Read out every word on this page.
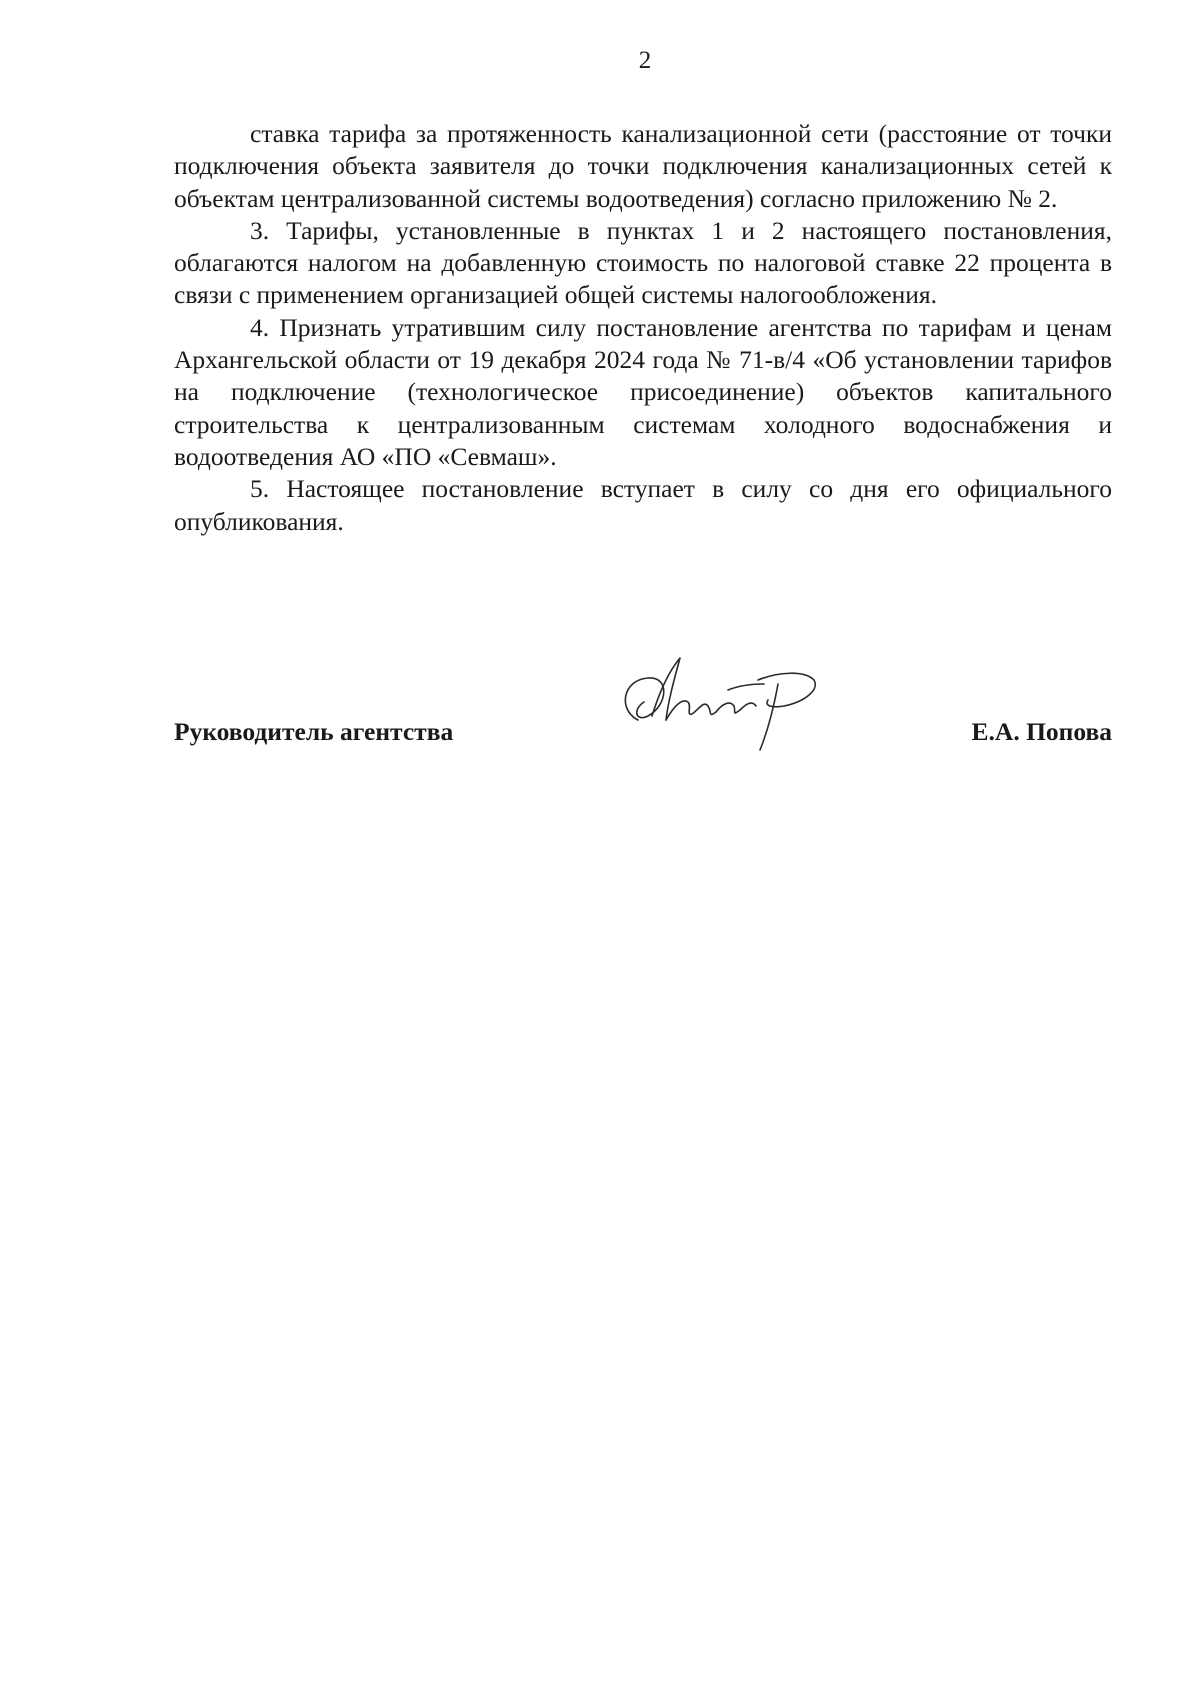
2

ставка тарифа за протяженность канализационной сети (расстояние от точки подключения объекта заявителя до точки подключения канализационных сетей к объектам централизованной системы водоотведения) согласно приложению № 2.

3. Тарифы, установленные в пунктах 1 и 2 настоящего постановления, облагаются налогом на добавленную стоимость по налоговой ставке 22 процента в связи с применением организацией общей системы налогообложения.

4. Признать утратившим силу постановление агентства по тарифам и ценам Архангельской области от 19 декабря 2024 года № 71-в/4 «Об установлении тарифов на подключение (технологическое присоединение) объектов капитального строительства к централизованным системам холодного водоснабжения и водоотведения АО «ПО «Севмаш».

5. Настоящее постановление вступает в силу со дня его официального опубликования.

Руководитель агентства	Е.А. Попова
